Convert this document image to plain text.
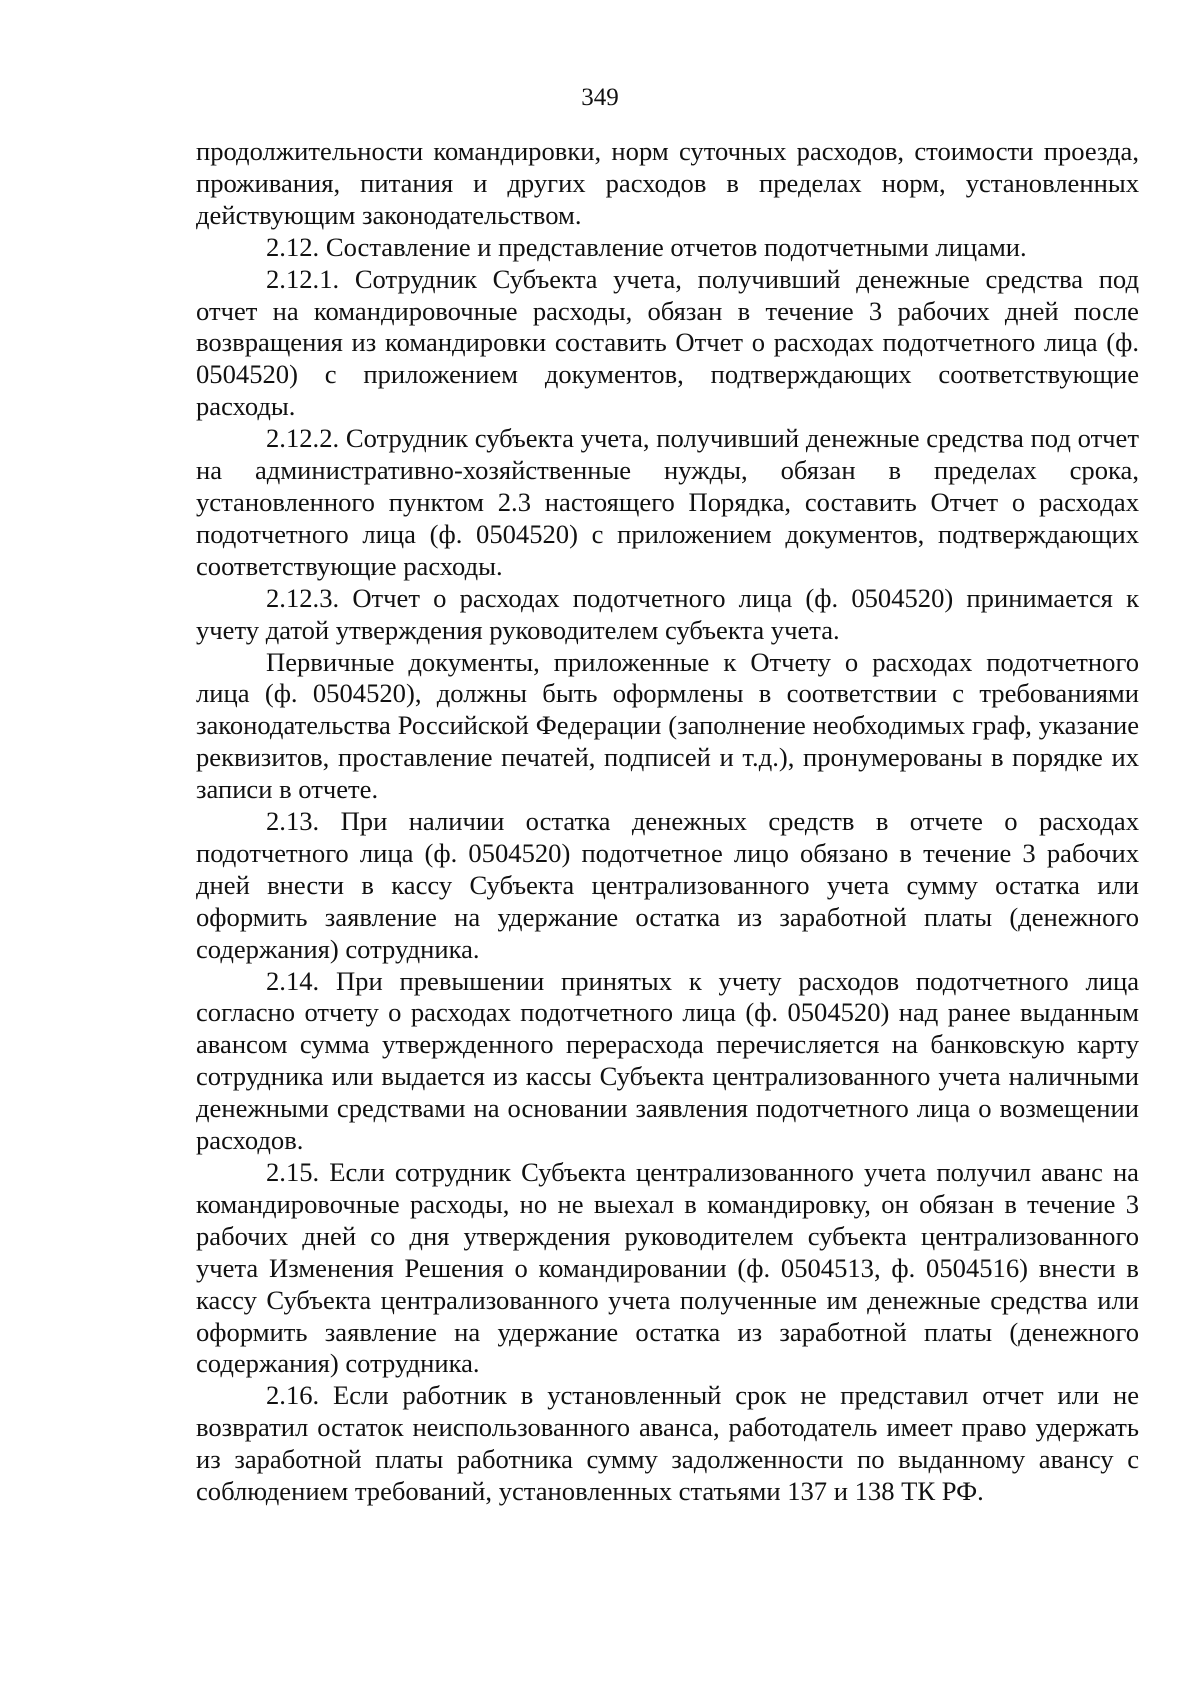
349

продолжительности командировки, норм суточных расходов, стоимости проезда, проживания, питания и других расходов в пределах норм, установленных действующим законодательством.

2.12. Составление и представление отчетов подотчетными лицами.

2.12.1. Сотрудник Субъекта учета, получивший денежные средства под отчет на командировочные расходы, обязан в течение 3 рабочих дней после возвращения из командировки составить Отчет о расходах подотчетного лица (ф. 0504520) с приложением документов, подтверждающих соответствующие расходы.

2.12.2. Сотрудник субъекта учета, получивший денежные средства под отчет на административно-хозяйственные нужды, обязан в пределах срока, установленного пунктом 2.3 настоящего Порядка, составить Отчет о расходах подотчетного лица (ф. 0504520) с приложением документов, подтверждающих соответствующие расходы.

2.12.3. Отчет о расходах подотчетного лица (ф. 0504520) принимается к учету датой утверждения руководителем субъекта учета.

Первичные документы, приложенные к Отчету о расходах подотчетного лица (ф. 0504520), должны быть оформлены в соответствии с требованиями законодательства Российской Федерации (заполнение необходимых граф, указание реквизитов, проставление печатей, подписей и т.д.), пронумерованы в порядке их записи в отчете.

2.13. При наличии остатка денежных средств в отчете о расходах подотчетного лица (ф. 0504520) подотчетное лицо обязано в течение 3 рабочих дней внести в кассу Субъекта централизованного учета сумму остатка или оформить заявление на удержание остатка из заработной платы (денежного содержания) сотрудника.

2.14. При превышении принятых к учету расходов подотчетного лица согласно отчету о расходах подотчетного лица (ф. 0504520) над ранее выданным авансом сумма утвержденного перерасхода перечисляется на банковскую карту сотрудника или выдается из кассы Субъекта централизованного учета наличными денежными средствами на основании заявления подотчетного лица о возмещении расходов.

2.15. Если сотрудник Субъекта централизованного учета получил аванс на командировочные расходы, но не выехал в командировку, он обязан в течение 3 рабочих дней со дня утверждения руководителем субъекта централизованного учета Изменения Решения о командировании (ф. 0504513, ф. 0504516) внести в кассу Субъекта централизованного учета полученные им денежные средства или оформить заявление на удержание остатка из заработной платы (денежного содержания) сотрудника.

2.16. Если работник в установленный срок не представил отчет или не возвратил остаток неиспользованного аванса, работодатель имеет право удержать из заработной платы работника сумму задолженности по выданному авансу с соблюдением требований, установленных статьями 137 и 138 ТК РФ.
